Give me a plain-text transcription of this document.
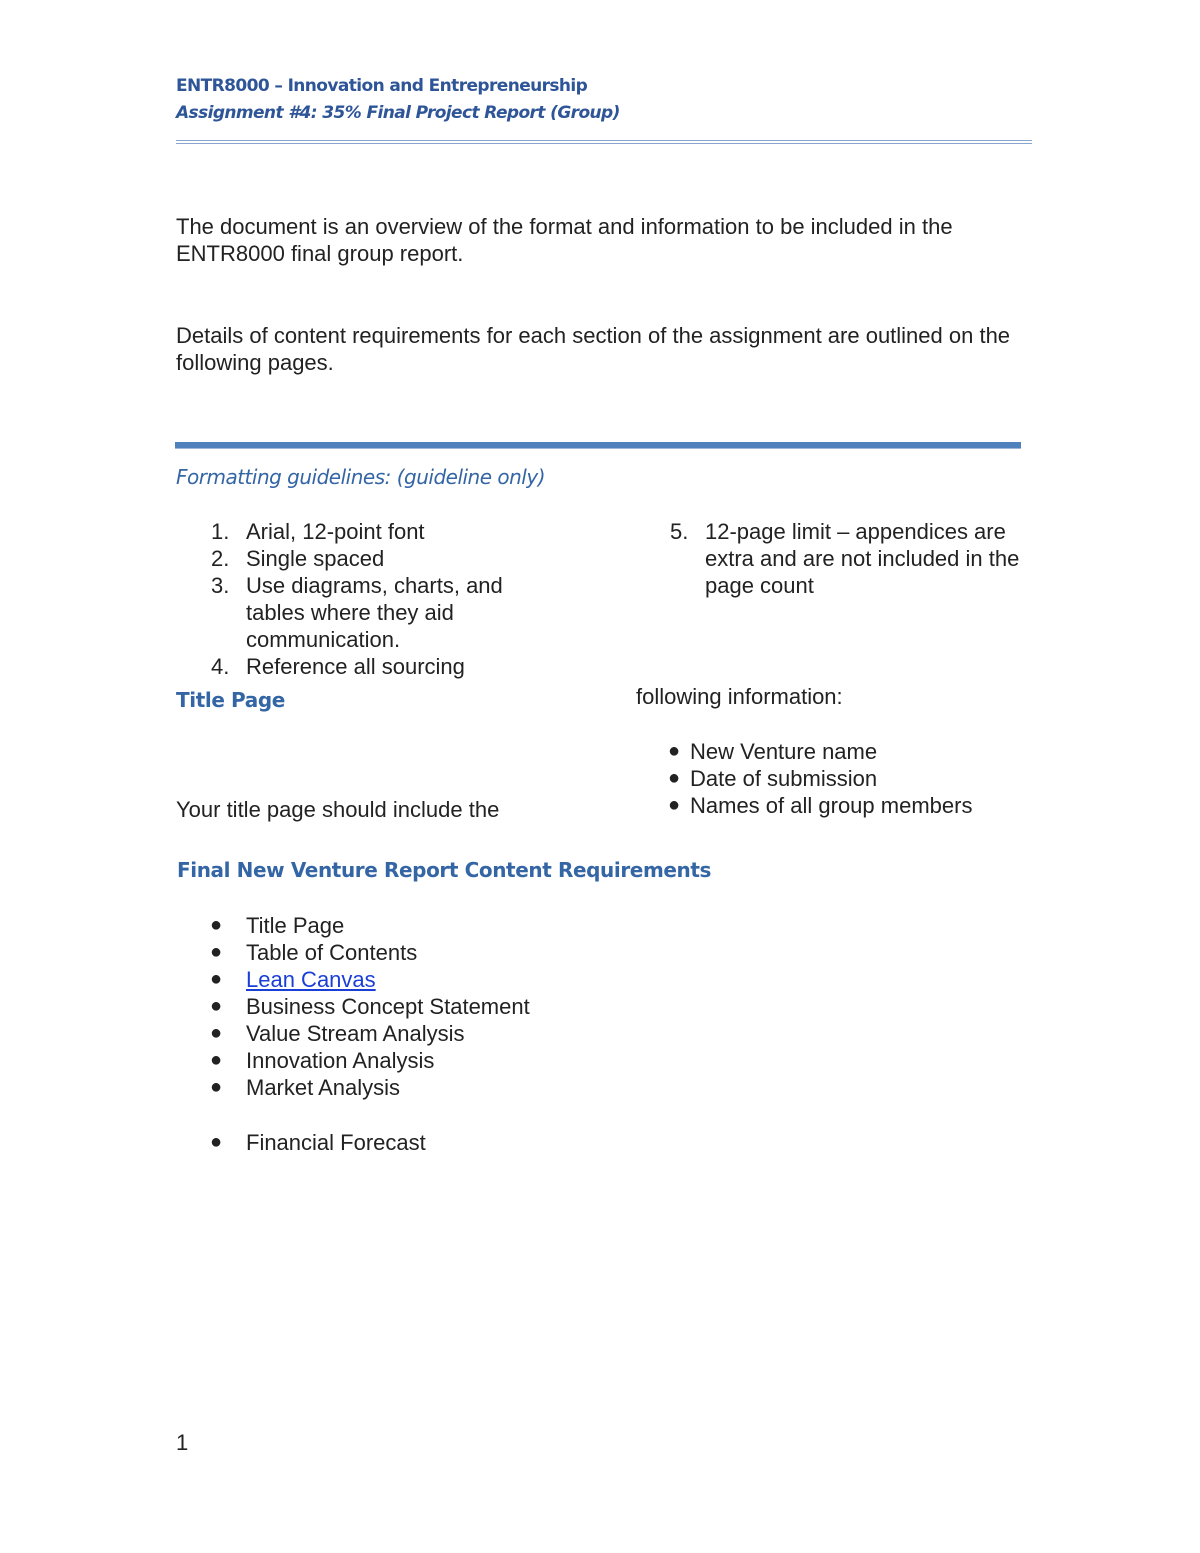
ENTR8000 – Innovation and Entrepreneurship
Assignment #4: 35% Final Project Report (Group)
The document is an overview of the format and information to be included in the ENTR8000 final group report.
Details of content requirements for each section of the assignment are outlined on the following pages.
Formatting guidelines: (guideline only)
1. Arial, 12-point font
2. Single spaced
3. Use diagrams, charts, and tables where they aid communication.
4. Reference all sourcing
5. 12-page limit – appendices are extra and are not included in the page count
Title Page	following information:
Your title page should include the
● New Venture name
● Date of submission
● Names of all group members
Final New Venture Report Content Requirements
● Title Page
● Table of Contents
● Lean Canvas
● Business Concept Statement
● Value Stream Analysis
● Innovation Analysis
● Market Analysis
● Financial Forecast
1
